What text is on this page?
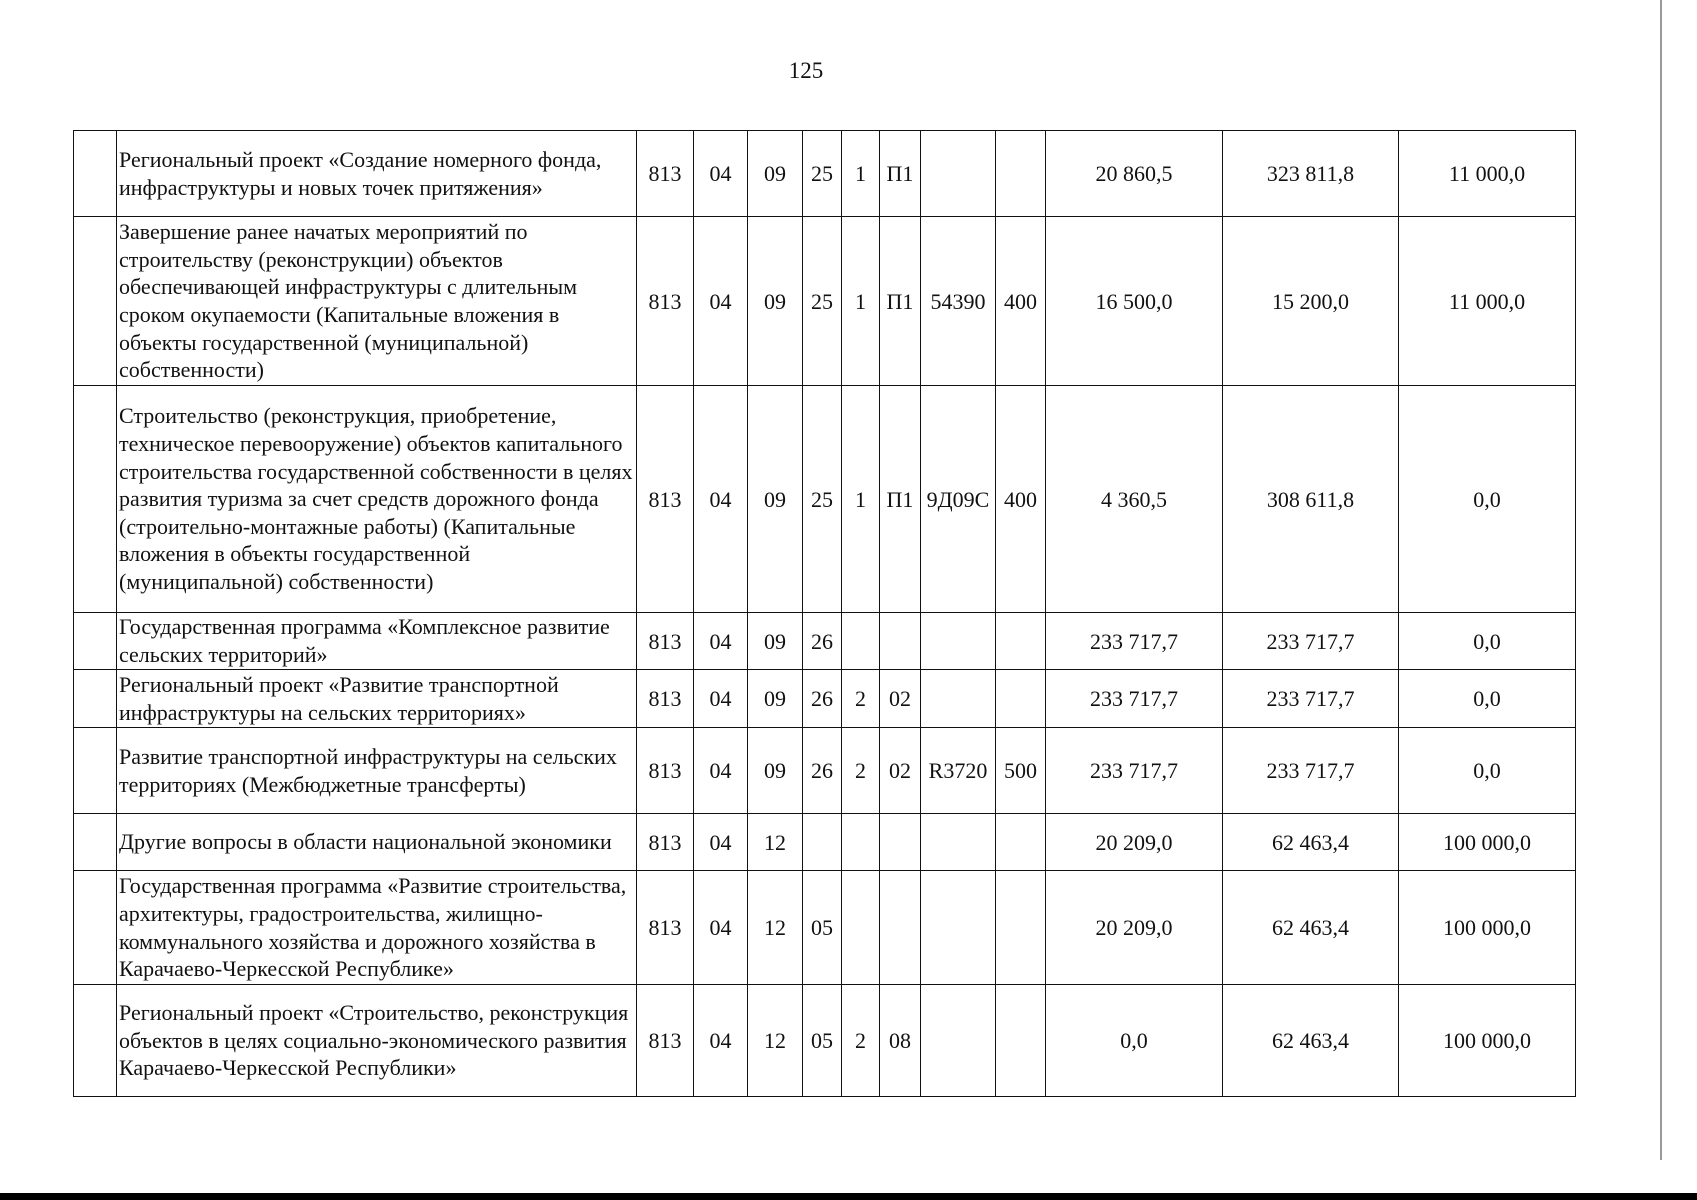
125
	Региональный проект «Создание номерного фонда, инфраструктуры и новых точек притяжения»	813	04	09	25	1	П1			20 860,5	323 811,8	11 000,0
	Завершение ранее начатых мероприятий по строительству (реконструкции) объектов обеспечивающей инфраструктуры с длительным сроком окупаемости (Капитальные вложения в объекты государственной (муниципальной) собственности)	813	04	09	25	1	П1	54390	400	16 500,0	15 200,0	11 000,0
	Строительство (реконструкция, приобретение, техническое перевооружение) объектов капитального строительства государственной собственности в целях развития туризма за счет средств дорожного фонда (строительно-монтажные работы) (Капитальные вложения в объекты государственной (муниципальной) собственности)	813	04	09	25	1	П1	9Д09С	400	4 360,5	308 611,8	0,0
	Государственная программа «Комплексное развитие сельских территорий»	813	04	09	26					233 717,7	233 717,7	0,0
	Региональный проект «Развитие транспортной инфраструктуры на сельских территориях»	813	04	09	26	2	02			233 717,7	233 717,7	0,0
	Развитие транспортной инфраструктуры на сельских территориях (Межбюджетные трансферты)	813	04	09	26	2	02	R3720	500	233 717,7	233 717,7	0,0
	Другие вопросы в области национальной экономики	813	04	12						20 209,0	62 463,4	100 000,0
	Государственная программа «Развитие строительства, архитектуры, градостроительства, жилищно-коммунального хозяйства и дорожного хозяйства в Карачаево-Черкесской Республике»	813	04	12	05					20 209,0	62 463,4	100 000,0
	Региональный проект «Строительство, реконструкция объектов в целях социально-экономического развития Карачаево-Черкесской Республики»	813	04	12	05	2	08			0,0	62 463,4	100 000,0
